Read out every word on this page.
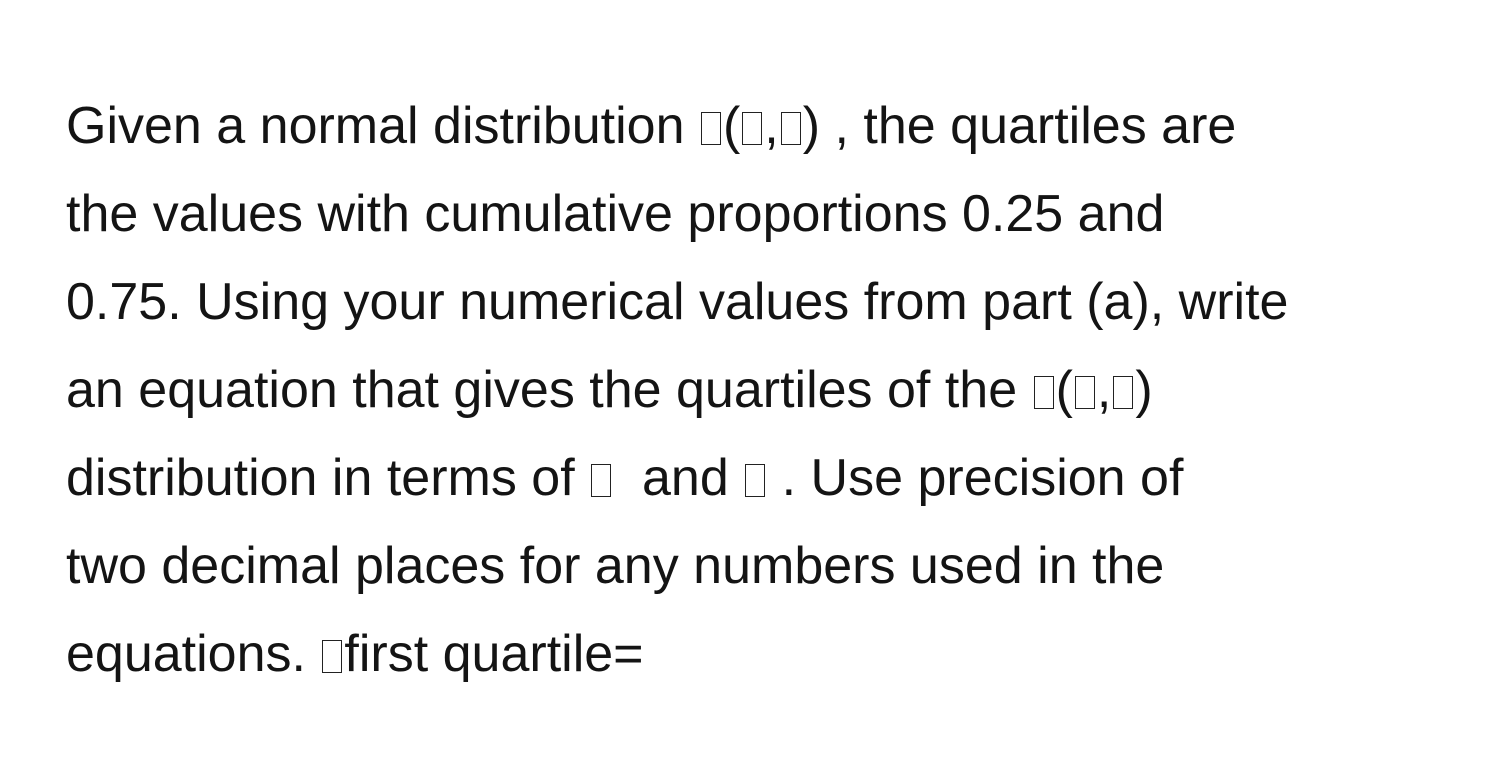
Given a normal distribution ( , ) , the quartiles are
the values with cumulative proportions 0.25 and
0.75. Using your numerical values from part (a), write
an equation that gives the quartiles of the ( , )
distribution in terms of   and  . Use precision of
two decimal places for any numbers used in the
equations. first quartile=
